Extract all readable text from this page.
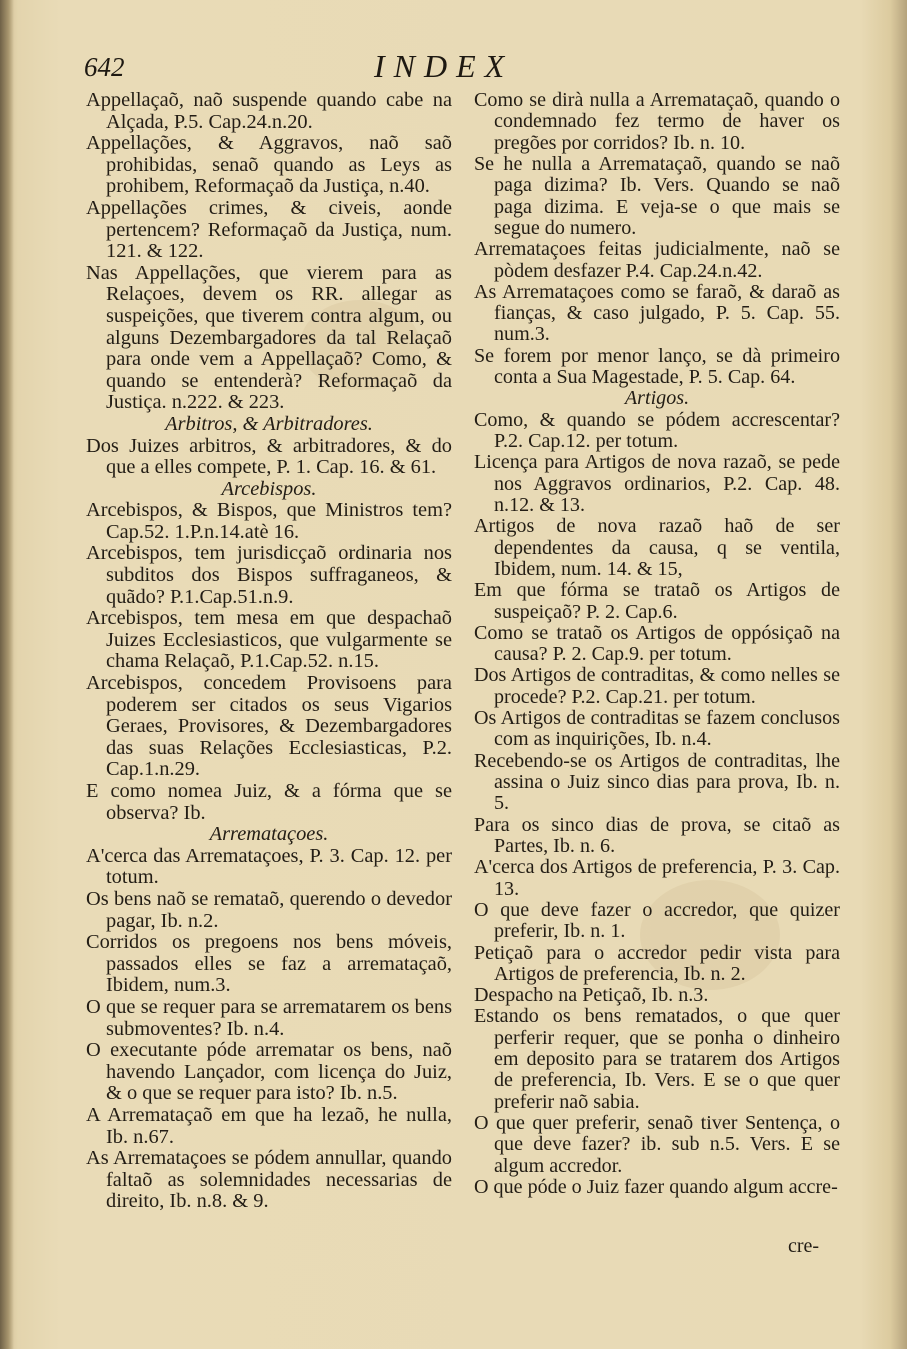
642	INDEX

Appellaçaõ, naõ suspende quando cabe na Alçada, P.5. Cap.24.n.20.

Appellações, & Aggravos, naõ saõ prohibidas, senaõ quando as Leys as prohibem, Reformaçaõ da Justiça, n.40.

Appellações crimes, & civeis, aonde pertencem? Reformaçaõ da Justiça, num. 121. & 122.

Nas Appellações, que vierem para as Relaçoes, devem os RR. allegar as suspeições, que tiverem contra algum, ou alguns Dezembargadores da tal Relaçaõ para onde vem a Appellaçaõ? Como, & quando se entenderà? Reformaçaõ da Justiça. n.222. & 223.

Arbitros, & Arbitradores.

Dos Juizes arbitros, & arbitradores, & do que a elles compete, P. 1. Cap. 16. & 61.

Arcebispos.

Arcebispos, & Bispos, que Ministros tem? Cap.52. 1.P.n.14.atè 16.

Arcebispos, tem jurisdicçaõ ordinaria nos subditos dos Bispos suffraganeos, & quãdo? P.1.Cap.51.n.9.

Arcebispos, tem mesa em que despachaõ Juizes Ecclesiasticos, que vulgarmente se chama Relaçaõ, P.1.Cap.52. n.15.

Arcebispos, concedem Provisoens para poderem ser citados os seus Vigarios Geraes, Provisores, & Dezembargadores das suas Relações Ecclesiasticas, P.2. Cap.1.n.29.

E como nomea Juiz, & a fórma que se observa? Ib.

Arremataçoes.

A'cerca das Arremataçoes, P. 3. Cap. 12. per totum.

Os bens naõ se remataõ, querendo o devedor pagar, Ib. n.2.

Corridos os pregoens nos bens móveis, passados elles se faz a arremataçaõ, Ibidem, num.3.

O que se requer para se arrematarem os bens submoventes? Ib. n.4.

O executante póde arrematar os bens, naõ havendo Lançador, com licença do Juiz, & o que se requer para isto? Ib. n.5.

A Arremataçaõ em que ha lezaõ, he nulla, Ib. n.67.

As Arremataçoes se pódem annullar, quando faltaõ as solemnidades necessarias de direito, Ib. n.8. & 9.

Como se dirà nulla a Arremataçaõ, quando o condemnado fez termo de haver os pregões por corridos? Ib. n. 10.

Se he nulla a Arremataçaõ, quando se naõ paga dizima? Ib. Vers. Quando se naõ paga dizima. E veja-se o que mais se segue do numero.

Arremataçoes feitas judicialmente, naõ se pòdem desfazer P.4. Cap.24.n.42.

As Arremataçoes como se faraõ, & daraõ as fianças, & caso julgado, P. 5. Cap. 55. num.3.

Se forem por menor lanço, se dà primeiro conta a Sua Magestade, P. 5. Cap. 64.

Artigos.

Como, & quando se pódem accrescentar? P.2. Cap.12. per totum.

Licença para Artigos de nova razaõ, se pede nos Aggravos ordinarios, P.2. Cap. 48. n.12. & 13.

Artigos de nova razaõ haõ de ser dependentes da causa, q se ventila, Ibidem, num. 14. & 15,

Em que fórma se trataõ os Artigos de suspeiçaõ? P. 2. Cap.6.

Como se trataõ os Artigos de oppósiçaõ na causa? P. 2. Cap.9. per totum.

Dos Artigos de contraditas, & como nelles se procede? P.2. Cap.21. per totum.

Os Artigos de contraditas se fazem conclusos com as inquirições, Ib. n.4.

Recebendo-se os Artigos de contraditas, lhe assina o Juiz sinco dias para prova, Ib. n. 5.

Para os sinco dias de prova, se citaõ as Partes, Ib. n. 6.

A'cerca dos Artigos de preferencia, P. 3. Cap. 13.

O que deve fazer o accredor, que quizer preferir, Ib. n. 1.

Petiçaõ para o accredor pedir vista para Artigos de preferencia, Ib. n. 2.

Despacho na Petiçaõ, Ib. n.3.

Estando os bens rematados, o que quer perferir requer, que se ponha o dinheiro em deposito para se tratarem dos Artigos de preferencia, Ib. Vers. E se o que quer preferir naõ sabia.

O que quer preferir, senaõ tiver Sentença, o que deve fazer? ib. sub n.5. Vers. E se algum accredor.

O que póde o Juiz fazer quando algum accre-

cre-
